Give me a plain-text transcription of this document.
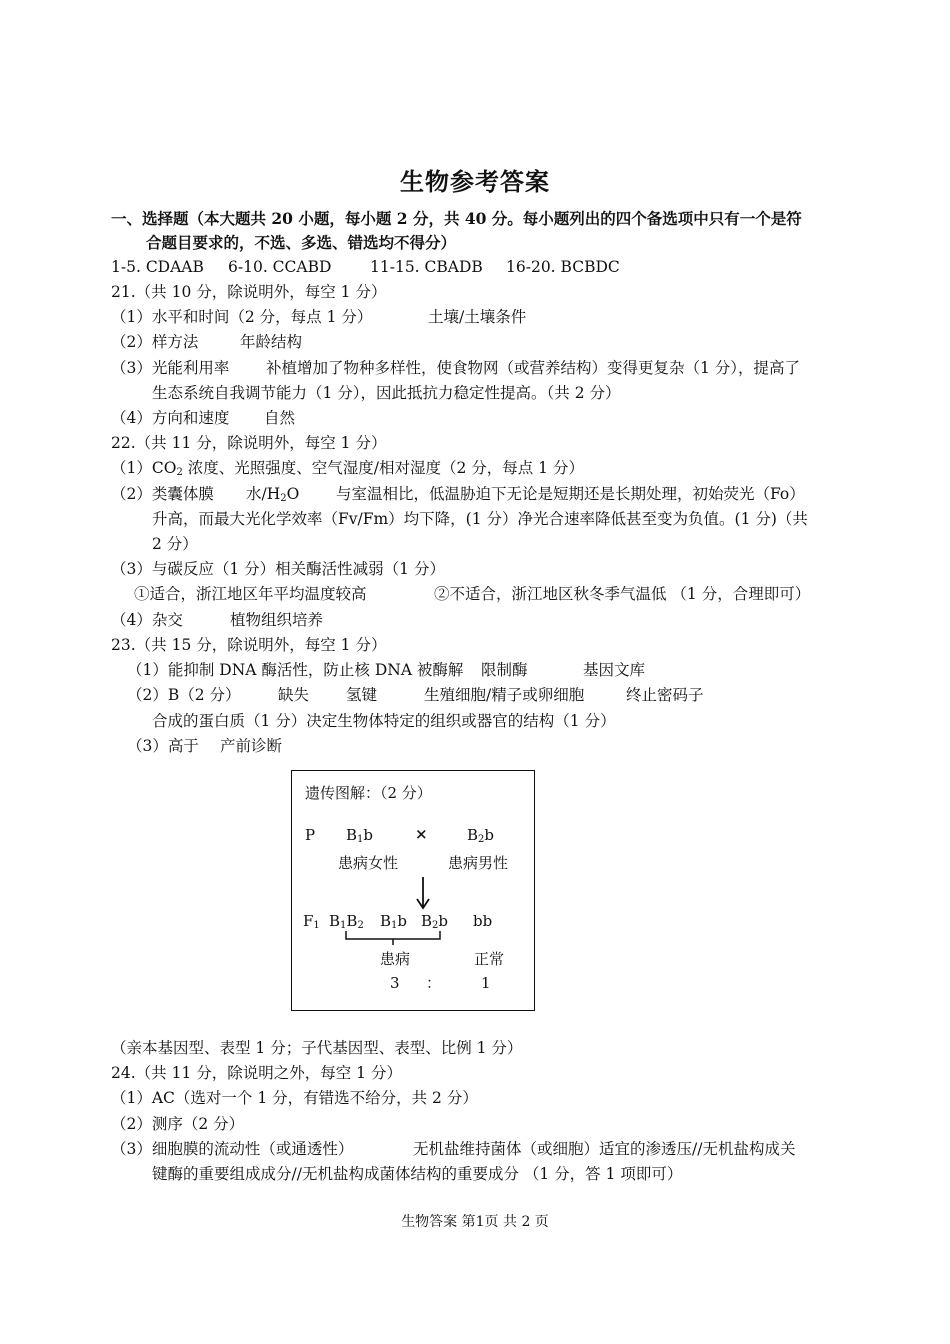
生物参考答案
一、选择题（本大题共 20 小题，每小题 2 分，共 40 分。每小题列出的四个备选项中只有一个是符
合题目要求的，不选、多选、错选均不得分）
1-5. CDAAB 6-10. CCABD 11-15. CBADB 16-20. BCBDC
21.（共 10 分，除说明外，每空 1 分）
（1）水平和时间（2 分，每点 1 分）	土壤/土壤条件
（2）样方法	年龄结构
（3）光能利用率 补植增加了物种多样性，使食物网（或营养结构）变得更复杂（1 分），提高了
生态系统自我调节能力（1 分），因此抵抗力稳定性提高。（共 2 分）
（4）方向和速度 自然
22.（共 11 分，除说明外，每空 1 分）
$(1)CO_2$ 浓度、光照强度、空气湿度/相对湿度（2 分，每点 1 分）
（2）类囊体膜 水$/H_2O$ 与室温相比，低温胁迫下无论是短期还是长期处理，初始荧光（Fo）
升高，而最大光化学效率（Fv/Fm）均下降，(1 分）净光合速率降低甚至变为负值。(1 分)（共
2 分）
（3）与碳反应（1 分）相关酶活性减弱（1 分）
①适合，浙江地区年平均温度较高	②不适合，浙江地区秋冬季气温低 （1 分，合理即可）
（4）杂交	植物组织培养
23.（共 15 分，除说明外，每空 1 分）
（1）能抑制 DNA 酶活性，防止核 DNA 被酶解 限制酶	基因文库
（2）B（2 分） 缺失 氢键	生殖细胞/精子或卵细胞	终止密码子
合成的蛋白质（1 分）决定生物体特定的组织或器官的结构（1 分）
（3）高于 产前诊断
遗传图解：（2 分）
P $B_1b$	×	$B_2b$
患病女性	患病男性
$F_1$ $B_1B_2$ $B_1b$ $B_2b$ bb
患病	正常
3 ：	1
（亲本基因型、表型 1 分；子代基因型、表型、比例 1 分）
24.（共 11 分，除说明之外，每空 1 分）
（1）AC（选对一个 1 分，有错选不给分，共 2 分）
（2）测序（2 分）
（3）细胞膜的流动性（或通透性）	无机盐维持菌体（或细胞）适宜的渗透压//无机盐构成关
键酶的重要组成成分//无机盐构成菌体结构的重要成分 （1 分，答 1 项即可）
生物答案 第1页 共 2 页
